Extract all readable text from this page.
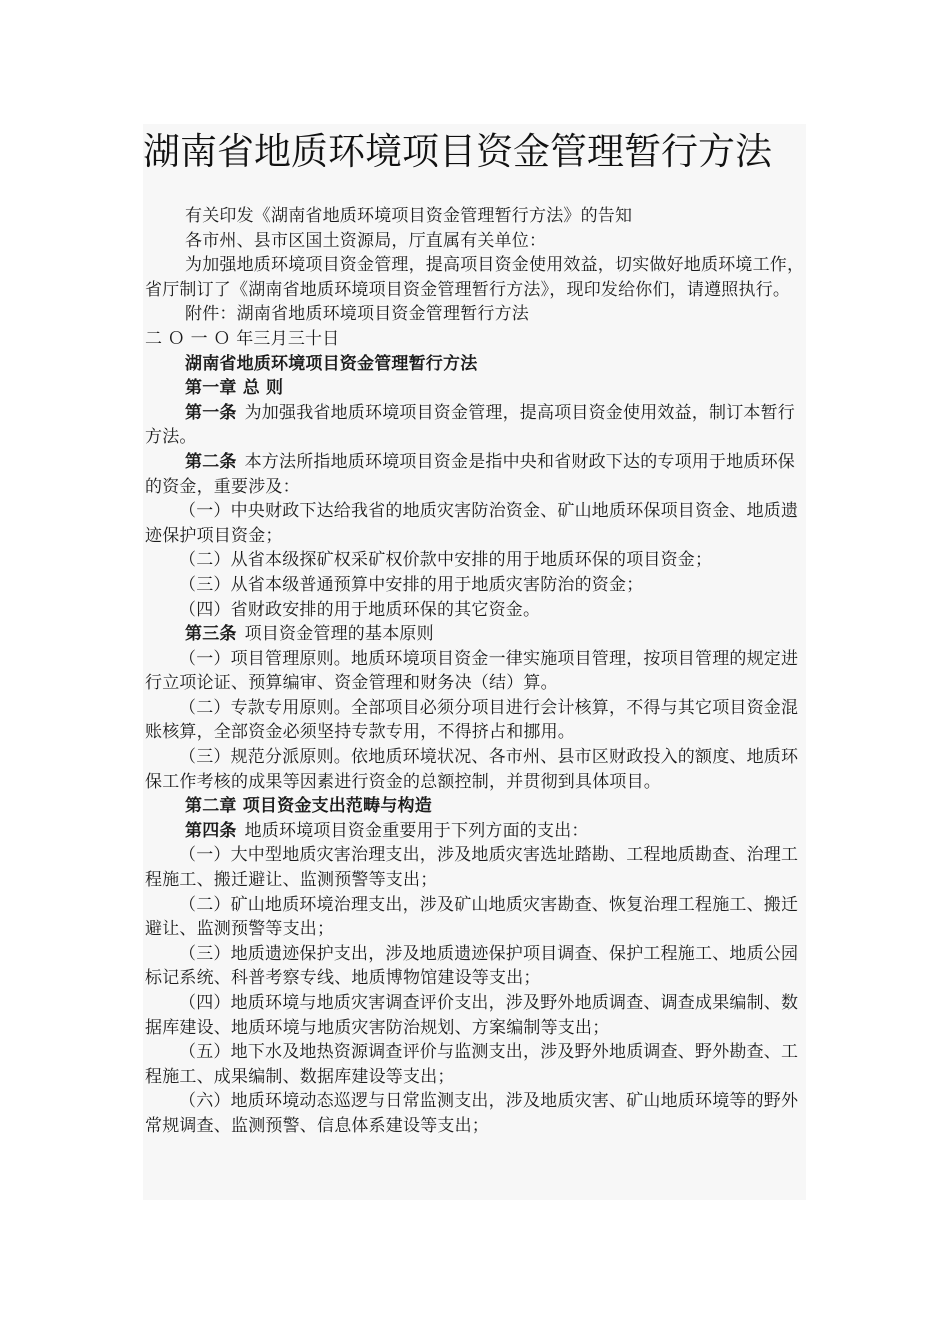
湖南省地质环境项目资金管理暂行方法

有关印发《湖南省地质环境项目资金管理暂行方法》的告知

各市州、县市区国土资源局，厅直属有关单位：

为加强地质环境项目资金管理，提高项目资金使用效益，切实做好地质环境工作，省厅制订了《湖南省地质环境项目资金管理暂行方法》，现印发给你们，请遵照执行。

附件：湖南省地质环境项目资金管理暂行方法

二 Ｏ 一 Ｏ 年三月三十日

湖南省地质环境项目资金管理暂行方法

第一章 总 则

第一条 为加强我省地质环境项目资金管理，提高项目资金使用效益，制订本暂行方法。

第二条 本方法所指地质环境项目资金是指中央和省财政下达的专项用于地质环保的资金，重要涉及：

（一）中央财政下达给我省的地质灾害防治资金、矿山地质环保项目资金、地质遗迹保护项目资金；

（二）从省本级探矿权采矿权价款中安排的用于地质环保的项目资金；

（三）从省本级普通预算中安排的用于地质灾害防治的资金；

（四）省财政安排的用于地质环保的其它资金。

第三条 项目资金管理的基本原则

（一）项目管理原则。地质环境项目资金一律实施项目管理，按项目管理的规定进行立项论证、预算编审、资金管理和财务决（结）算。

（二）专款专用原则。全部项目必须分项目进行会计核算，不得与其它项目资金混账核算，全部资金必须坚持专款专用，不得挤占和挪用。

（三）规范分派原则。依地质环境状况、各市州、县市区财政投入的额度、地质环保工作考核的成果等因素进行资金的总额控制，并贯彻到具体项目。

第二章 项目资金支出范畴与构造

第四条 地质环境项目资金重要用于下列方面的支出：

（一）大中型地质灾害治理支出，涉及地质灾害选址踏勘、工程地质勘查、治理工程施工、搬迁避让、监测预警等支出；

（二）矿山地质环境治理支出，涉及矿山地质灾害勘查、恢复治理工程施工、搬迁避让、监测预警等支出；

（三）地质遗迹保护支出，涉及地质遗迹保护项目调查、保护工程施工、地质公园标记系统、科普考察专线、地质博物馆建设等支出；

（四）地质环境与地质灾害调查评价支出，涉及野外地质调查、调查成果编制、数据库建设、地质环境与地质灾害防治规划、方案编制等支出；

（五）地下水及地热资源调查评价与监测支出，涉及野外地质调查、野外勘查、工程施工、成果编制、数据库建设等支出；

（六）地质环境动态巡逻与日常监测支出，涉及地质灾害、矿山地质环境等的野外常规调查、监测预警、信息体系建设等支出；
